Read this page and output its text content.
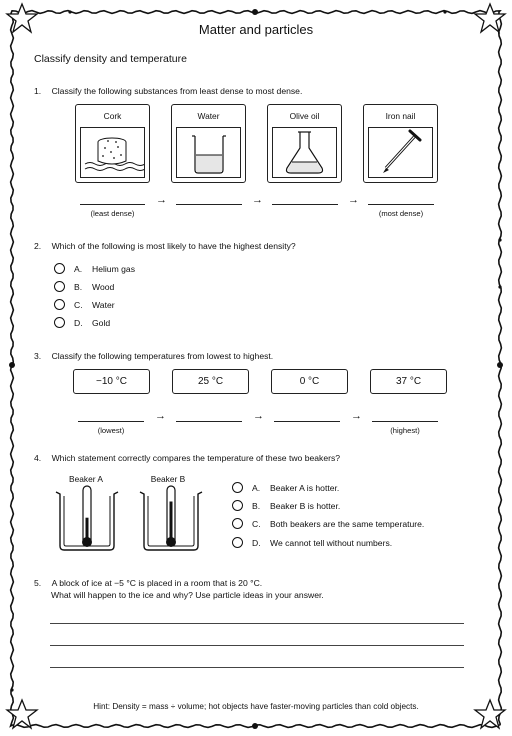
Matter and particles
Classify density and temperature
1. Classify the following substances from least dense to most dense.
Cork	Water	Olive oil	Iron nail
→	→	→
(least dense)	(most dense)
2. Which of the following is most likely to have the highest density?
A. Helium gas
B. Wood
C. Water
D. Gold
3. Classify the following temperatures from lowest to highest.
−10 °C	25 °C	0 °C	37 °C
→	→	→
(lowest)	(highest)
4. Which statement correctly compares the temperature of these two beakers?
Beaker A	Beaker B
A. Beaker A is hotter.
B. Beaker B is hotter.
C. Both beakers are the same temperature.
D. We cannot tell without numbers.
5. A block of ice at −5 °C is placed in a room that is 20 °C.
What will happen to the ice and why? Use particle ideas in your answer.
Hint: Density = mass ÷ volume; hot objects have faster-moving particles than cold objects.
